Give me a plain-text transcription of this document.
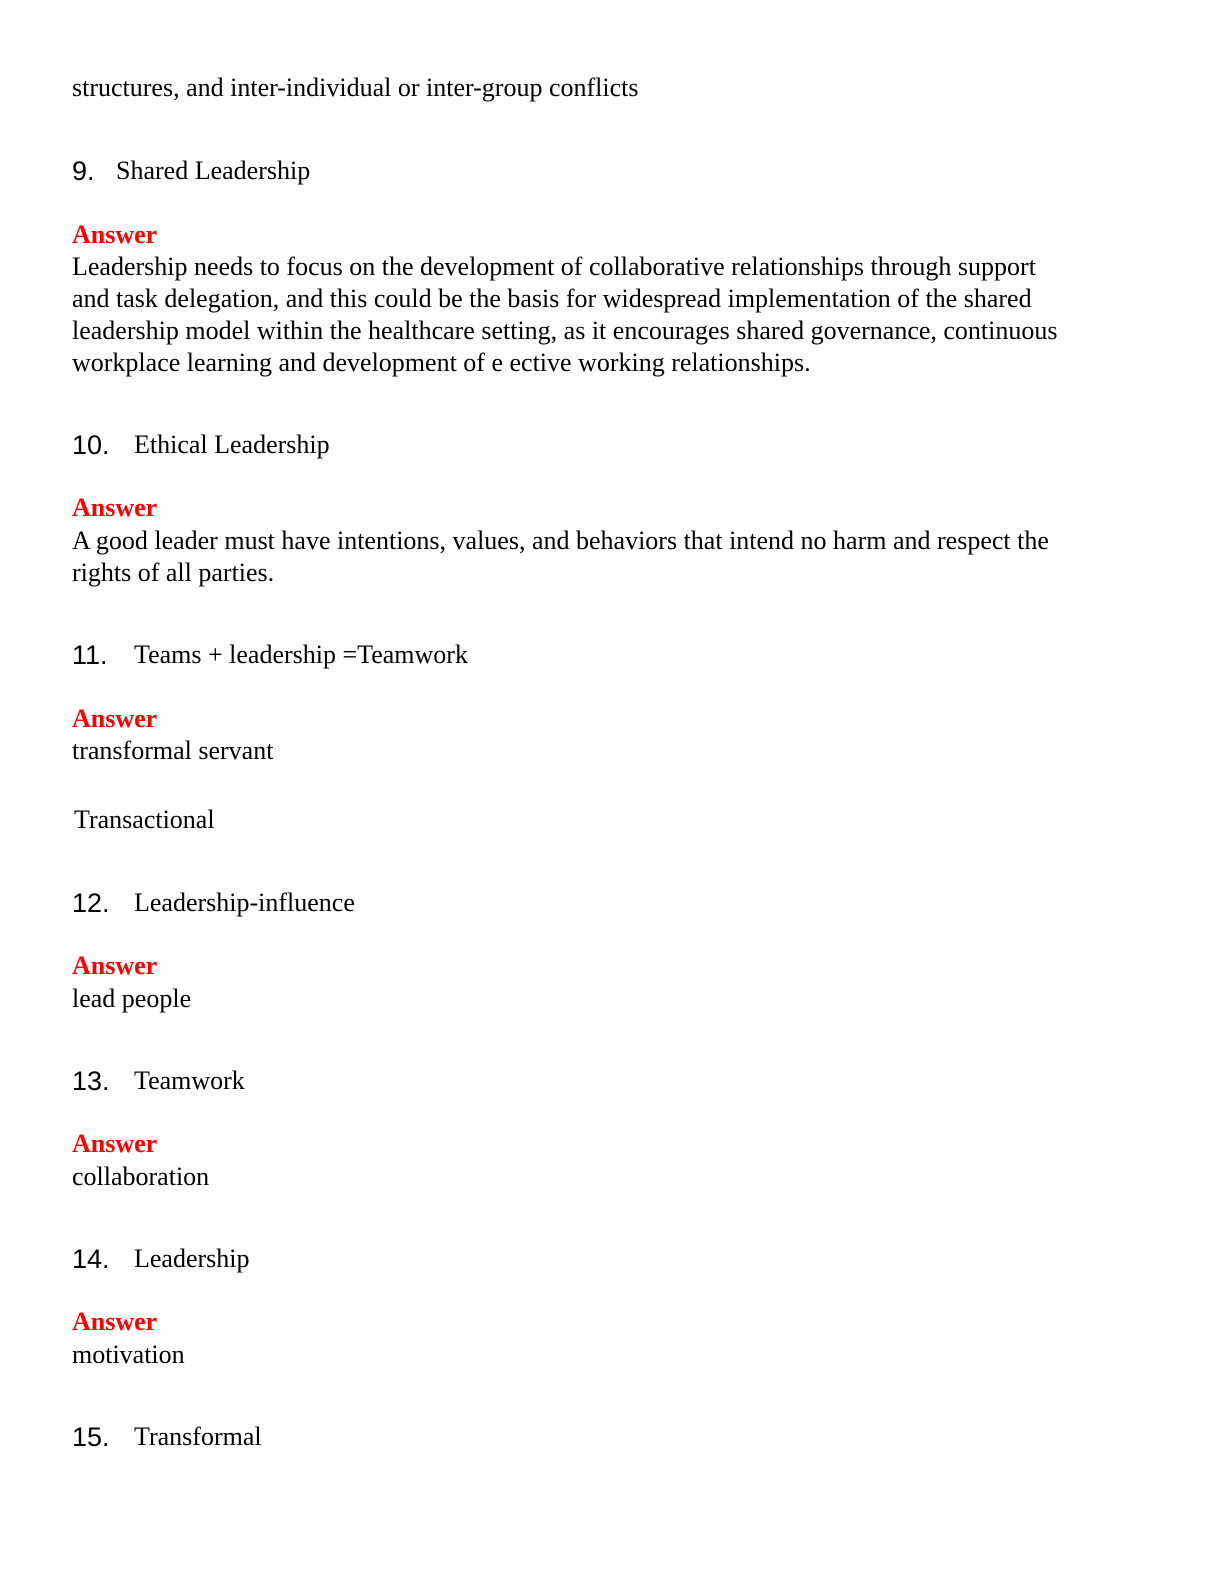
structures, and inter-individual or inter-group conflicts
9. Shared Leadership
Answer
Leadership needs to focus on the development of collaborative relationships through support
and task delegation, and this could be the basis for widespread implementation of the shared
leadership model within the healthcare setting, as it encourages shared governance, continuous
workplace learning and development of e ective working relationships.
10. Ethical Leadership
Answer
A good leader must have intentions, values, and behaviors that intend no harm and respect the
rights of all parties.
11. Teams + leadership =Teamwork
Answer
transformal servant
Transactional
12. Leadership-influence
Answer
lead people
13. Teamwork
Answer
collaboration
14. Leadership
Answer
motivation
15. Transformal
